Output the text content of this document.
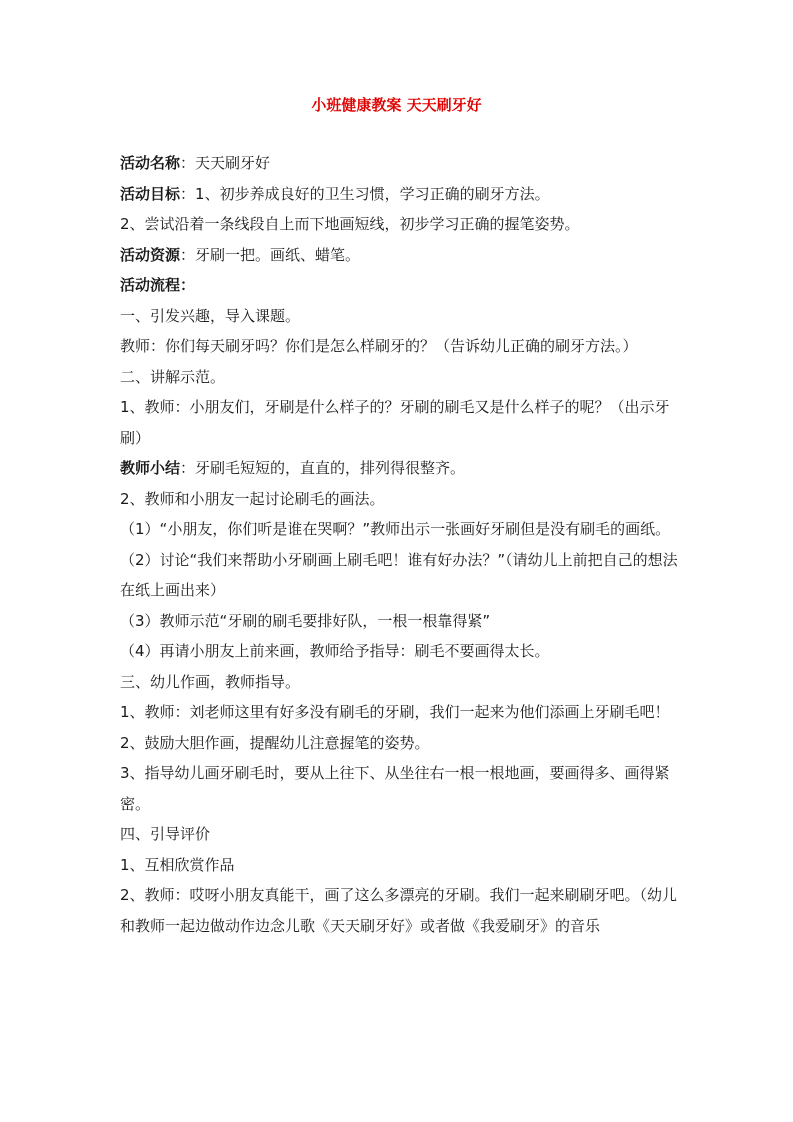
小班健康教案 天天刷牙好

活动名称：天天刷牙好

活动目标：1、初步养成良好的卫生习惯，学习正确的刷牙方法。

2、尝试沿着一条线段自上而下地画短线，初步学习正确的握笔姿势。

活动资源：牙刷一把。画纸、蜡笔。

活动流程：

一、引发兴趣，导入课题。

教师：你们每天刷牙吗？你们是怎么样刷牙的？（告诉幼儿正确的刷牙方法。）

二、讲解示范。

1、教师：小朋友们，牙刷是什么样子的？牙刷的刷毛又是什么样子的呢？（出示牙刷）

教师小结：牙刷毛短短的，直直的，排列得很整齐。

2、教师和小朋友一起讨论刷毛的画法。

（1）“小朋友，你们听是谁在哭啊？”教师出示一张画好牙刷但是没有刷毛的画纸。

（2）讨论“我们来帮助小牙刷画上刷毛吧！谁有好办法？”（请幼儿上前把自己的想法在纸上画出来）

（3）教师示范“牙刷的刷毛要排好队，一根一根靠得紧”

（4）再请小朋友上前来画，教师给予指导：刷毛不要画得太长。

三、幼儿作画，教师指导。

1、教师：刘老师这里有好多没有刷毛的牙刷，我们一起来为他们添画上牙刷毛吧！

2、鼓励大胆作画，提醒幼儿注意握笔的姿势。

3、指导幼儿画牙刷毛时，要从上往下、从坐往右一根一根地画，要画得多、画得紧密。

四、引导评价

1、互相欣赏作品

2、教师：哎呀小朋友真能干，画了这么多漂亮的牙刷。我们一起来刷刷牙吧。（幼儿和教师一起边做动作边念儿歌《天天刷牙好》或者做《我爱刷牙》的音乐
